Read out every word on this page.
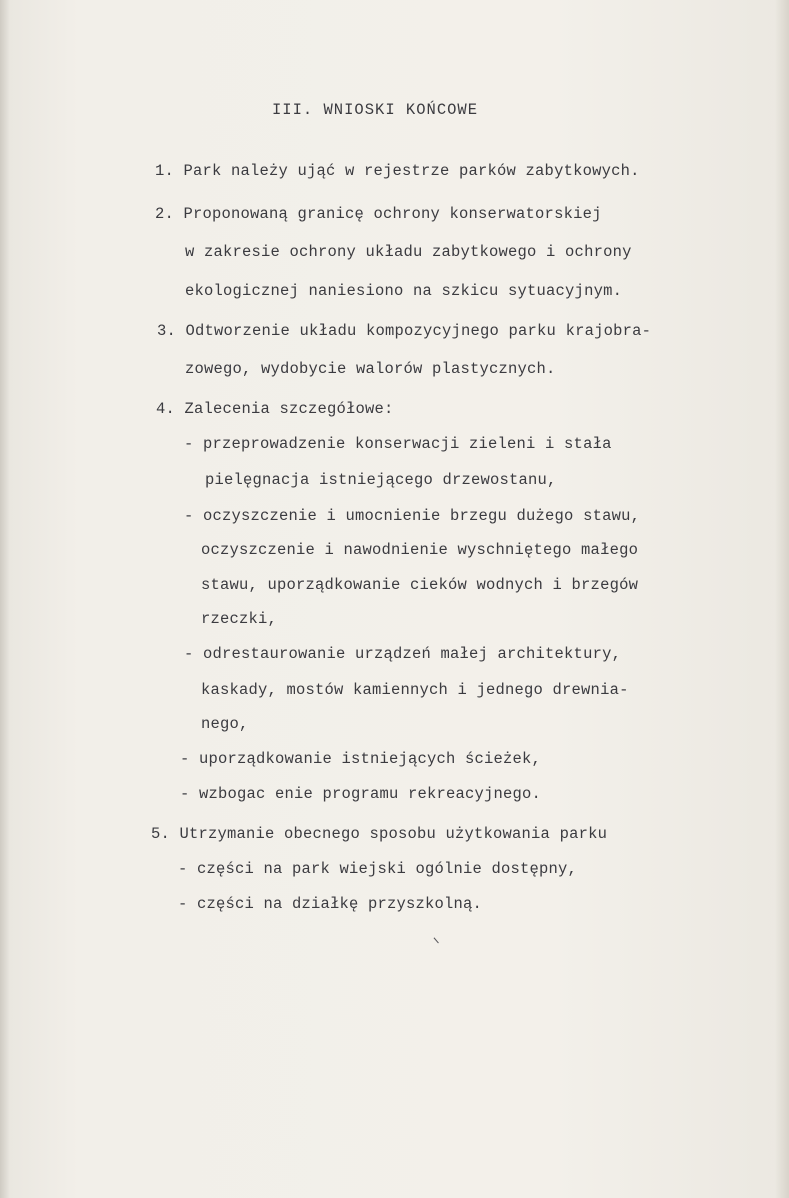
III. WNIOSKI KOŃCOWE
1. Park należy ująć w rejestrze parków zabytkowych.
2. Proponowaną granicę ochrony konserwatorskiej
w zakresie ochrony układu zabytkowego i ochrony
ekologicznej naniesiono na szkicu sytuacyjnym.
3. Odtworzenie układu kompozycyjnego parku krajobra-
zowego, wydobycie walorów plastycznych.
4. Zalecenia szczegółowe:
- przeprowadzenie konserwacji zieleni i stała
pielęgnacja istniejącego drzewostanu,
- oczyszczenie i umocnienie brzegu dużego stawu,
oczyszczenie i nawodnienie wyschniętego małego
stawu, uporządkowanie cieków wodnych i brzegów
rzeczki,
- odrestaurowanie urządzeń małej architektury,
kaskady, mostów kamiennych i jednego drewnia-
nego,
- uporządkowanie istniejących ścieżek,
- wzbogac enie programu rekreacyjnego.
5. Utrzymanie obecnego sposobu użytkowania parku
- części na park wiejski ogólnie dostępny,
- części na działkę przyszkolną.
